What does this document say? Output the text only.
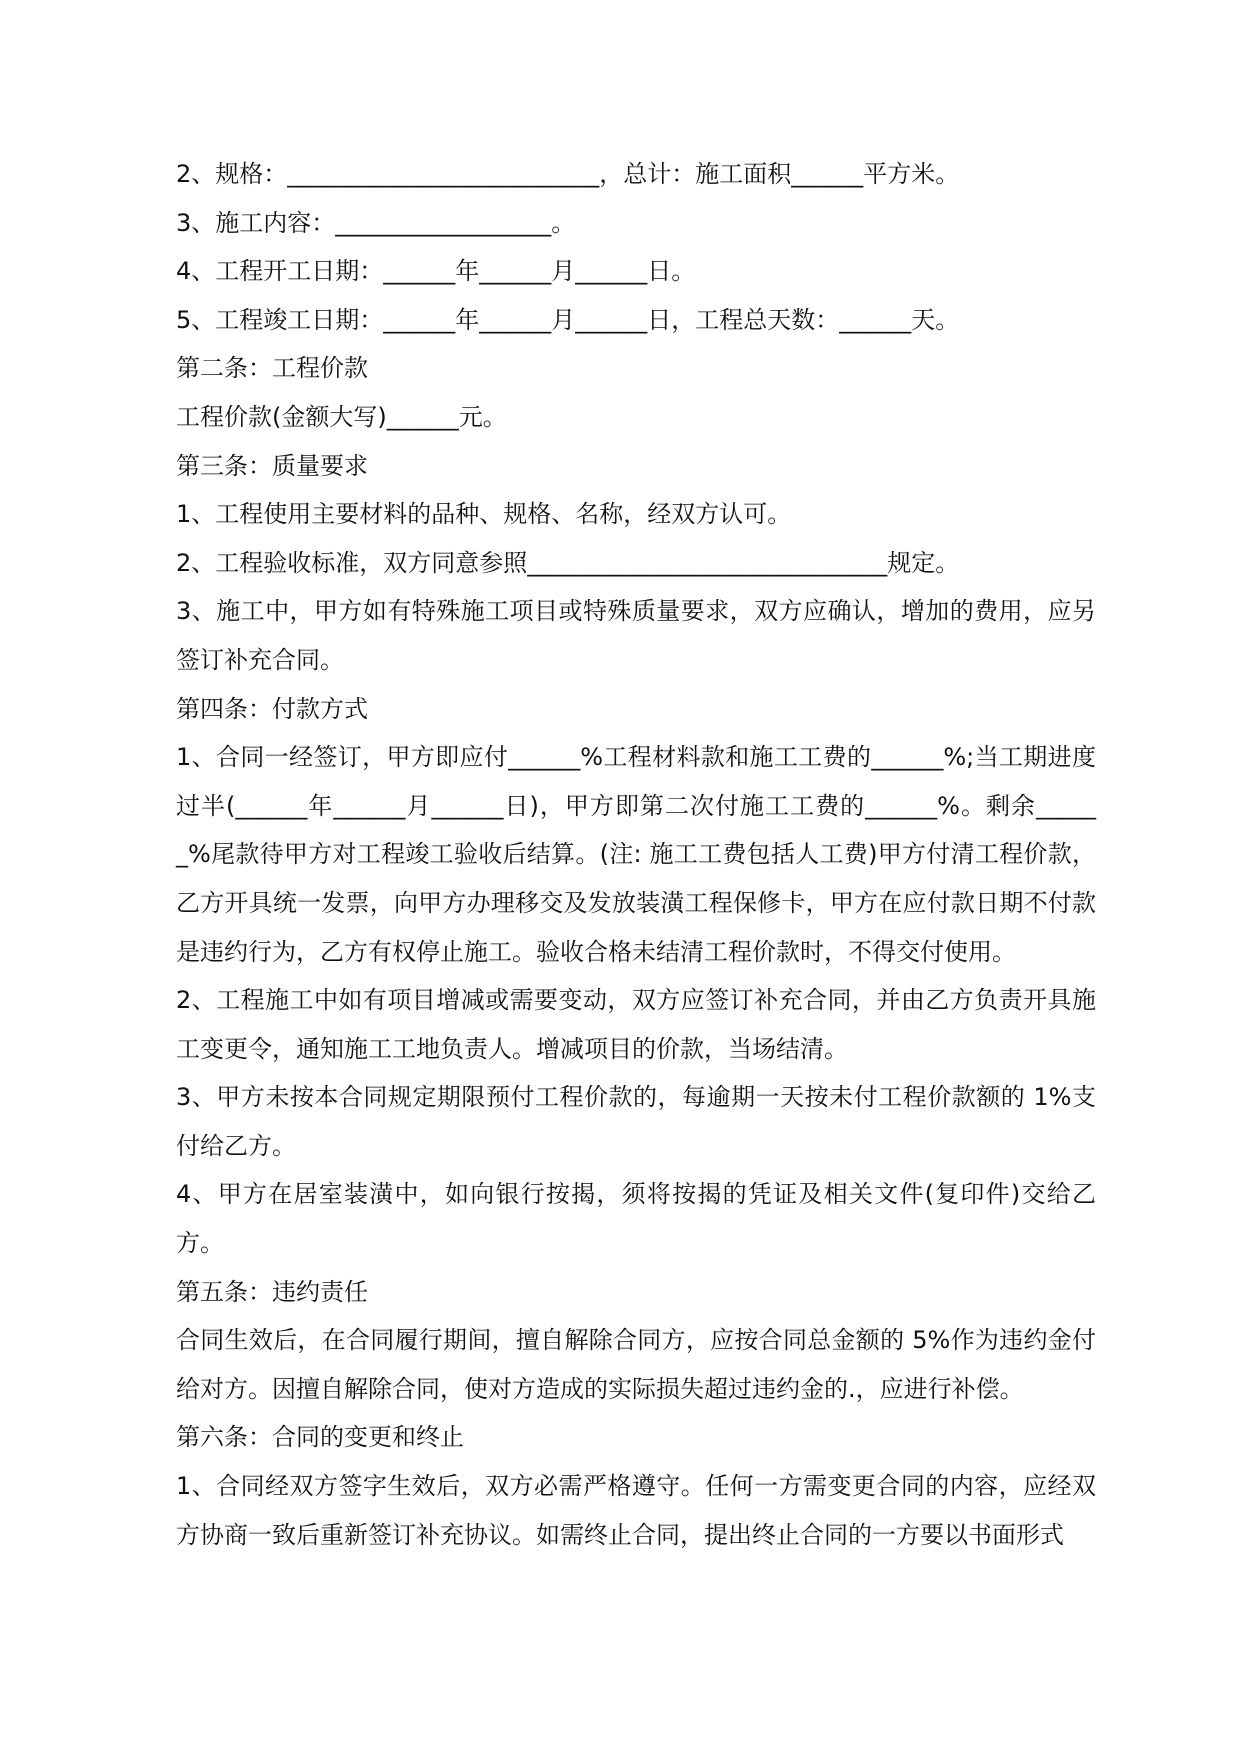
2、规格：__________________________，总计：施工面积______平方米。

3、施工内容：__________________。

4、工程开工日期：______年______月______日。

5、工程竣工日期：______年______月______日，工程总天数：______天。

第二条：工程价款

工程价款(金额大写)______元。

第三条：质量要求

1、工程使用主要材料的品种、规格、名称，经双方认可。

2、工程验收标准，双方同意参照______________________________规定。

3、施工中，甲方如有特殊施工项目或特殊质量要求，双方应确认，增加的费用，应另签订补充合同。

第四条：付款方式

1、合同一经签订，甲方即应付______%工程材料款和施工工费的______%;当工期进度过半(______年______月______日)，甲方即第二次付施工工费的______%。剩余______%尾款待甲方对工程竣工验收后结算。(注: 施工工费包括人工费)甲方付清工程价款，乙方开具统一发票，向甲方办理移交及发放装潢工程保修卡，甲方在应付款日期不付款是违约行为，乙方有权停止施工。验收合格未结清工程价款时，不得交付使用。

2、工程施工中如有项目增减或需要变动，双方应签订补充合同，并由乙方负责开具施工变更令，通知施工工地负责人。增减项目的价款，当场结清。

3、甲方未按本合同规定期限预付工程价款的，每逾期一天按未付工程价款额的 1%支付给乙方。

4、甲方在居室装潢中，如向银行按揭，须将按揭的凭证及相关文件(复印件)交给乙方。

第五条：违约责任

合同生效后，在合同履行期间，擅自解除合同方，应按合同总金额的 5%作为违约金付给对方。因擅自解除合同，使对方造成的实际损失超过违约金的.，应进行补偿。

第六条：合同的变更和终止

1、合同经双方签字生效后，双方必需严格遵守。任何一方需变更合同的内容，应经双方协商一致后重新签订补充协议。如需终止合同，提出终止合同的一方要以书面形式
